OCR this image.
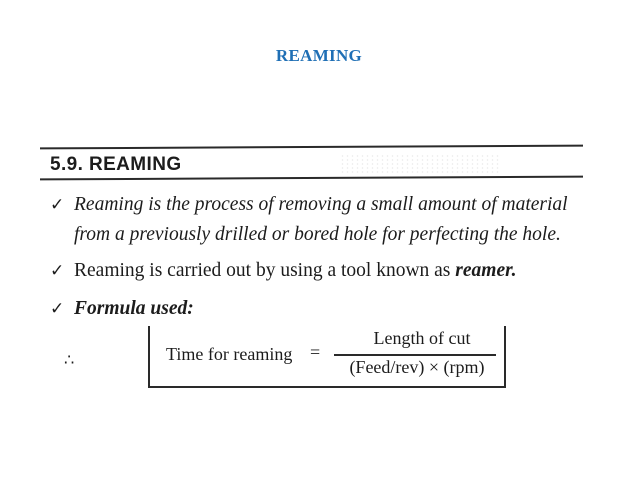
REAMING
5.9. REAMING
✓ Reaming is the process of removing a small amount of material
from a previously drilled or bored hole for perfecting the hole.
✓ Reaming is carried out by using a tool known as reamer.
✓ Formula used:
∴	Time for reaming =
Length of cut
(Feed/rev) × (rpm)
